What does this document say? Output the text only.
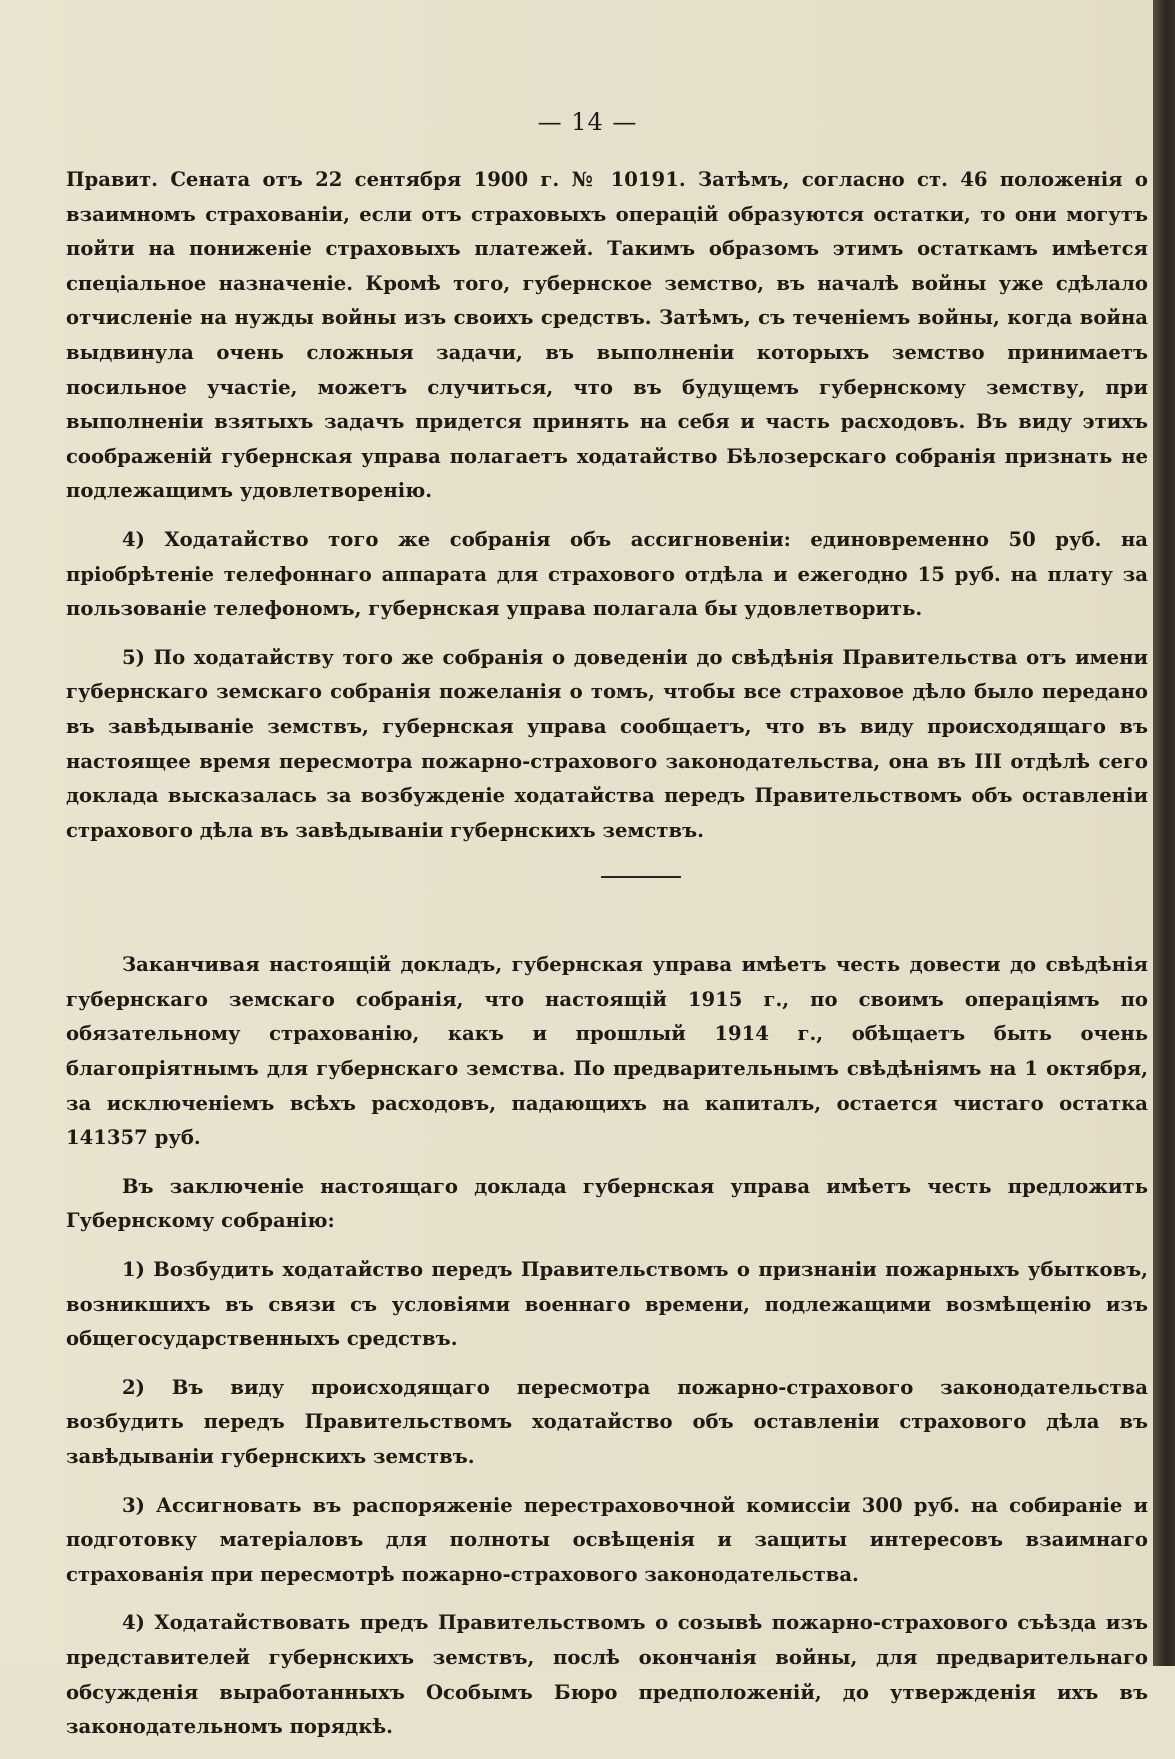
— 14 —

Правит. Сената отъ 22 сентября 1900 г. № 10191. Затѣмъ, согласно ст. 46 положенія о взаимномъ страхованіи, если отъ страховыхъ операцій образуются остатки, то они могутъ пойти на пониженіе страховыхъ платежей. Такимъ образомъ этимъ остаткамъ имѣется спеціальное назначеніе. Кромѣ того, губернское земство, въ началѣ войны уже сдѣлало отчисленіе на нужды войны изъ своихъ средствъ. Затѣмъ, съ теченіемъ войны, когда война выдвинула очень сложныя задачи, въ выполненіи которыхъ земство принимаетъ посильное участіе, можетъ случиться, что въ будущемъ губернскому земству, при выполненіи взятыхъ задачъ придется принять на себя и часть расходовъ. Въ виду этихъ соображеній губернская управа полагаетъ ходатайство Бѣлозерскаго собранія признать не подлежащимъ удовлетворенію.

4) Ходатайство того же собранія объ ассигновеніи: единовременно 50 руб. на пріобрѣтеніе телефоннаго аппарата для страхового отдѣла и ежегодно 15 руб. на плату за пользованіе телефономъ, губернская управа полагала бы удовлетворить.

5) По ходатайству того же собранія о доведеніи до свѣдѣнія Правительства отъ имени губернскаго земскаго собранія пожеланія о томъ, чтобы все страховое дѣло было передано въ завѣдываніе земствъ, губернская управа сообщаетъ, что въ виду происходящаго въ настоящее время пересмотра пожарно-страхового законодательства, она въ III отдѣлѣ сего доклада высказалась за возбужденіе ходатайства передъ Правительствомъ объ оставленіи страхового дѣла въ завѣдываніи губернскихъ земствъ.

Заканчивая настоящій докладъ, губернская управа имѣетъ честь довести до свѣдѣнія губернскаго земскаго собранія, что настоящій 1915 г., по своимъ операціямъ по обязательному страхованію, какъ и прошлый 1914 г., обѣщаетъ быть очень благопріятнымъ для губернскаго земства. По предварительнымъ свѣдѣніямъ на 1 октября, за исключеніемъ всѣхъ расходовъ, падающихъ на капиталъ, остается чистаго остатка 141357 руб.

Въ заключеніе настоящаго доклада губернская управа имѣетъ честь предложить Губернскому собранію:

1) Возбудить ходатайство передъ Правительствомъ о признаніи пожарныхъ убытковъ, возникшихъ въ связи съ условіями военнаго времени, подлежащими возмѣщенію изъ общегосударственныхъ средствъ.

2) Въ виду происходящаго пересмотра пожарно-страхового законодательства возбудить передъ Правительствомъ ходатайство объ оставленіи страхового дѣла въ завѣдываніи губернскихъ земствъ.

3) Ассигновать въ распоряженіе перестраховочной комиссіи 300 руб. на собираніе и подготовку матеріаловъ для полноты освѣщенія и защиты интересовъ взаимнаго страхованія при пересмотрѣ пожарно-страхового законодательства.

4) Ходатайствовать предъ Правительствомъ о созывѣ пожарно-страхового съѣзда изъ представителей губернскихъ земствъ, послѣ окончанія войны, для предварительнаго обсужденія выработанныхъ Особымъ Бюро предположеній, до утвержденія ихъ въ законодательномъ порядкѣ.
